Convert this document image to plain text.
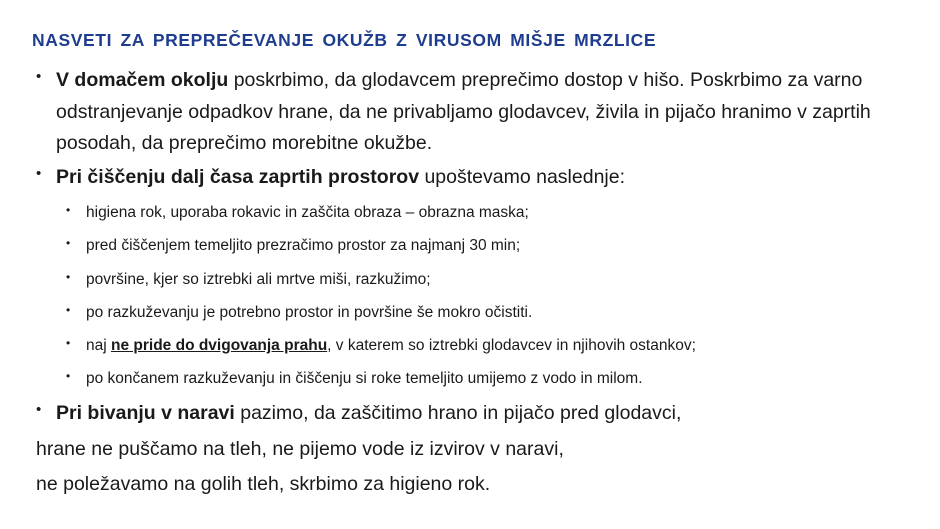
NASVETI ZA PREPREČEVANJE OKUŽB Z VIRUSOM MIŠJE MRZLICE
• V domačem okolju poskrbimo, da glodavcem preprečimo dostop v hišo. Poskrbimo za varno odstranjevanje odpadkov hrane, da ne privabljamo glodavcev, živila in pijačo hranimo v zaprtih posodah, da preprečimo morebitne okužbe.
• Pri čiščenju dalj časa zaprtih prostorov upoštevamo naslednje:
• higiena rok, uporaba rokavic in zaščita obraza – obrazna maska;
• pred čiščenjem temeljito prezračimo prostor za najmanj 30 min;
• površine, kjer so iztrebki ali mrtve miši, razkužimo;
• po razkuževanju je potrebno prostor in površine še mokro očistiti.
• naj ne pride do dvigovanja prahu, v katerem so iztrebki glodavcev in njihovih ostankov;
• po končanem razkuževanju in čiščenju si roke temeljito umijemo z vodo in milom.
• Pri bivanju v naravi pazimo, da zaščitimo hrano in pijačo pred glodavci,
hrane ne puščamo na tleh, ne pijemo vode iz izvirov v naravi,
ne poležavamo na golih tleh, skrbimo za higieno rok.
